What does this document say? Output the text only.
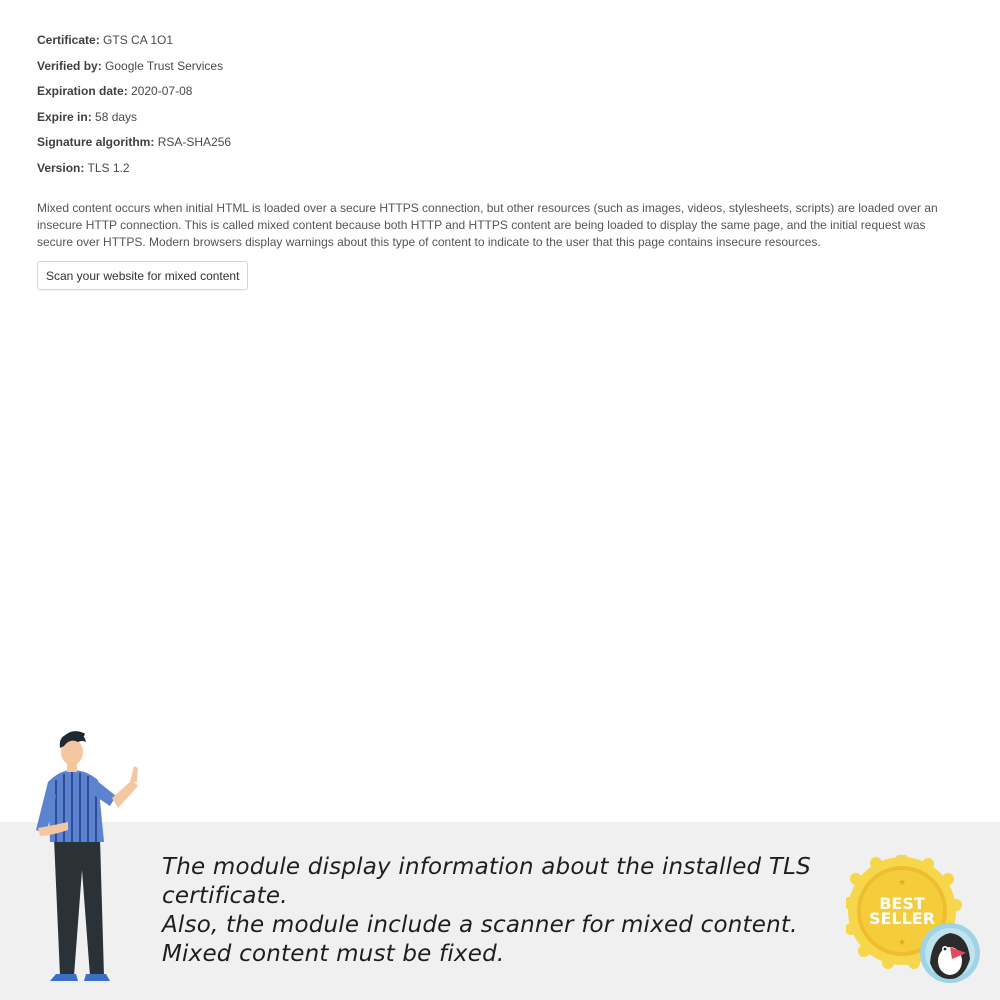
Certificate: GTS CA 1O1
Verified by: Google Trust Services
Expiration date: 2020-07-08
Expire in: 58 days
Signature algorithm: RSA-SHA256
Version: TLS 1.2
Mixed content occurs when initial HTML is loaded over a secure HTTPS connection, but other resources (such as images, videos, stylesheets, scripts) are loaded over an insecure HTTP connection. This is called mixed content because both HTTP and HTTPS content are being loaded to display the same page, and the initial request was secure over HTTPS. Modern browsers display warnings about this type of content to indicate to the user that this page contains insecure resources.
Scan your website for mixed content
The module display information about the installed TLS certificate.
Also, the module include a scanner for mixed content. Mixed content must be fixed.
★
★
BEST
SELLER
